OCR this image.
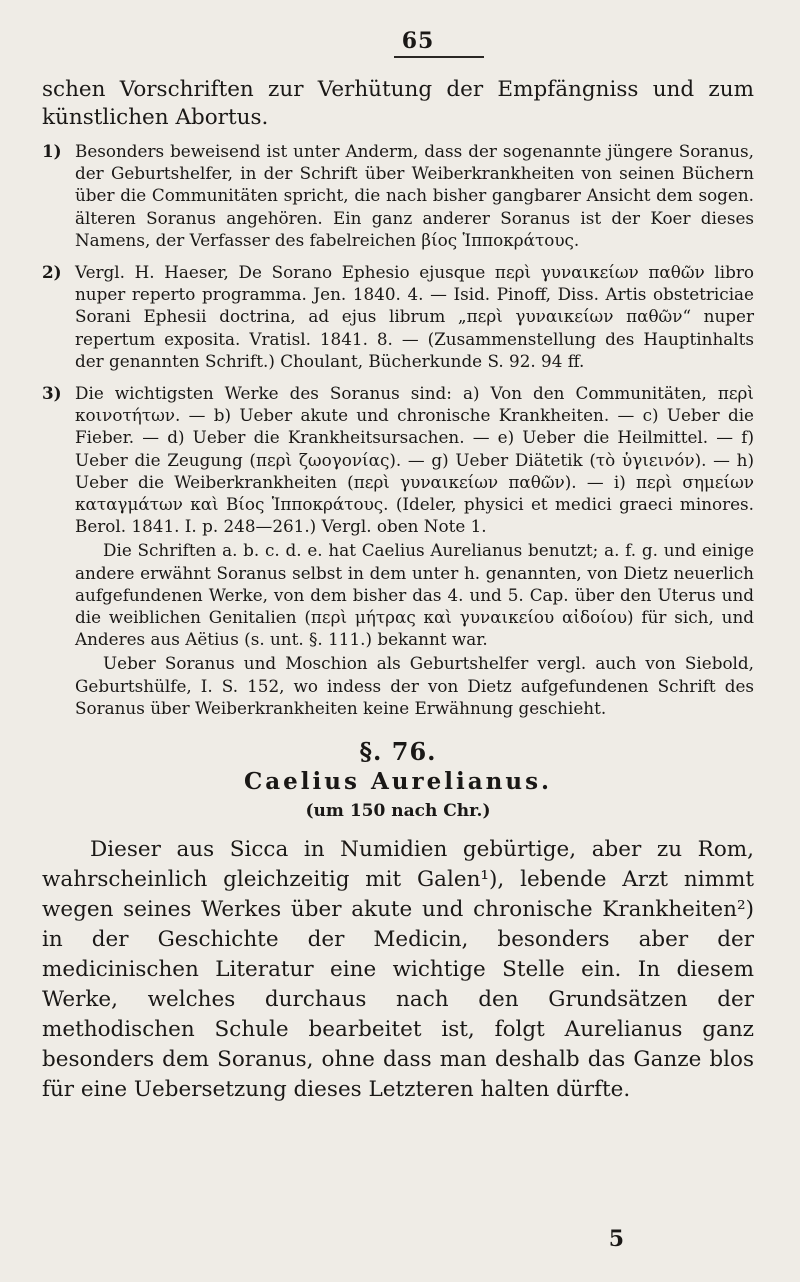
65

schen Vorschriften zur Verhütung der Empfängniss und zum künstlichen Abortus.

1) Besonders beweisend ist unter Anderm, dass der sogenannte jüngere Soranus, der Geburtshelfer, in der Schrift über Weiberkrankheiten von seinen Büchern über die Communitäten spricht, die nach bisher gangbarer Ansicht dem sogen. älteren Soranus angehören. Ein ganz anderer Soranus ist der Koer dieses Namens, der Verfasser des fabelreichen βίος Ἱπποκράτους.

2) Vergl. H. Haeser, De Sorano Ephesio ejusque περὶ γυναικείων παθῶν libro nuper reperto programma. Jen. 1840. 4. — Isid. Pinoff, Diss. Artis obstetriciae Sorani Ephesii doctrina, ad ejus librum „περὶ γυναικείων παθῶν“ nuper repertum exposita. Vratisl. 1841. 8. — (Zusammenstellung des Hauptinhalts der genannten Schrift.) Choulant, Bücherkunde S. 92. 94 ff.

3) Die wichtigsten Werke des Soranus sind: a) Von den Communitäten, περὶ κοινοτήτων. — b) Ueber akute und chronische Krankheiten. — c) Ueber die Fieber. — d) Ueber die Krankheitsursachen. — e) Ueber die Heilmittel. — f) Ueber die Zeugung (περὶ ζωογονίας). — g) Ueber Diätetik (τὸ ὑγιεινόν). — h) Ueber die Weiberkrankheiten (περὶ γυναικείων παθῶν). — i) περὶ σημείων καταγμάτων καὶ Βίος Ἱπποκράτους. (Ideler, physici et medici graeci minores. Berol. 1841. I. p. 248—261.) Vergl. oben Note 1.

Die Schriften a. b. c. d. e. hat Caelius Aurelianus benutzt; a. f. g. und einige andere erwähnt Soranus selbst in dem unter h. genannten, von Dietz neuerlich aufgefundenen Werke, von dem bisher das 4. und 5. Cap. über den Uterus und die weiblichen Genitalien (περὶ μήτρας καὶ γυναικείου αἰδοίου) für sich, und Anderes aus Aëtius (s. unt. §. 111.) bekannt war.

Ueber Soranus und Moschion als Geburtshelfer vergl. auch von Siebold, Geburtshülfe, I. S. 152, wo indess der von Dietz aufgefundenen Schrift des Soranus über Weiberkrankheiten keine Erwähnung geschieht.

§. 76.
Caelius Aurelianus.
(um 150 nach Chr.)

Dieser aus Sicca in Numidien gebürtige, aber zu Rom, wahrscheinlich gleichzeitig mit Galen¹), lebende Arzt nimmt wegen seines Werkes über akute und chronische Krankheiten²) in der Geschichte der Medicin, besonders aber der medicinischen Literatur eine wichtige Stelle ein. In diesem Werke, welches durchaus nach den Grundsätzen der methodischen Schule bearbeitet ist, folgt Aurelianus ganz besonders dem Soranus, ohne dass man deshalb das Ganze blos für eine Uebersetzung dieses Letzteren halten dürfte.

5
